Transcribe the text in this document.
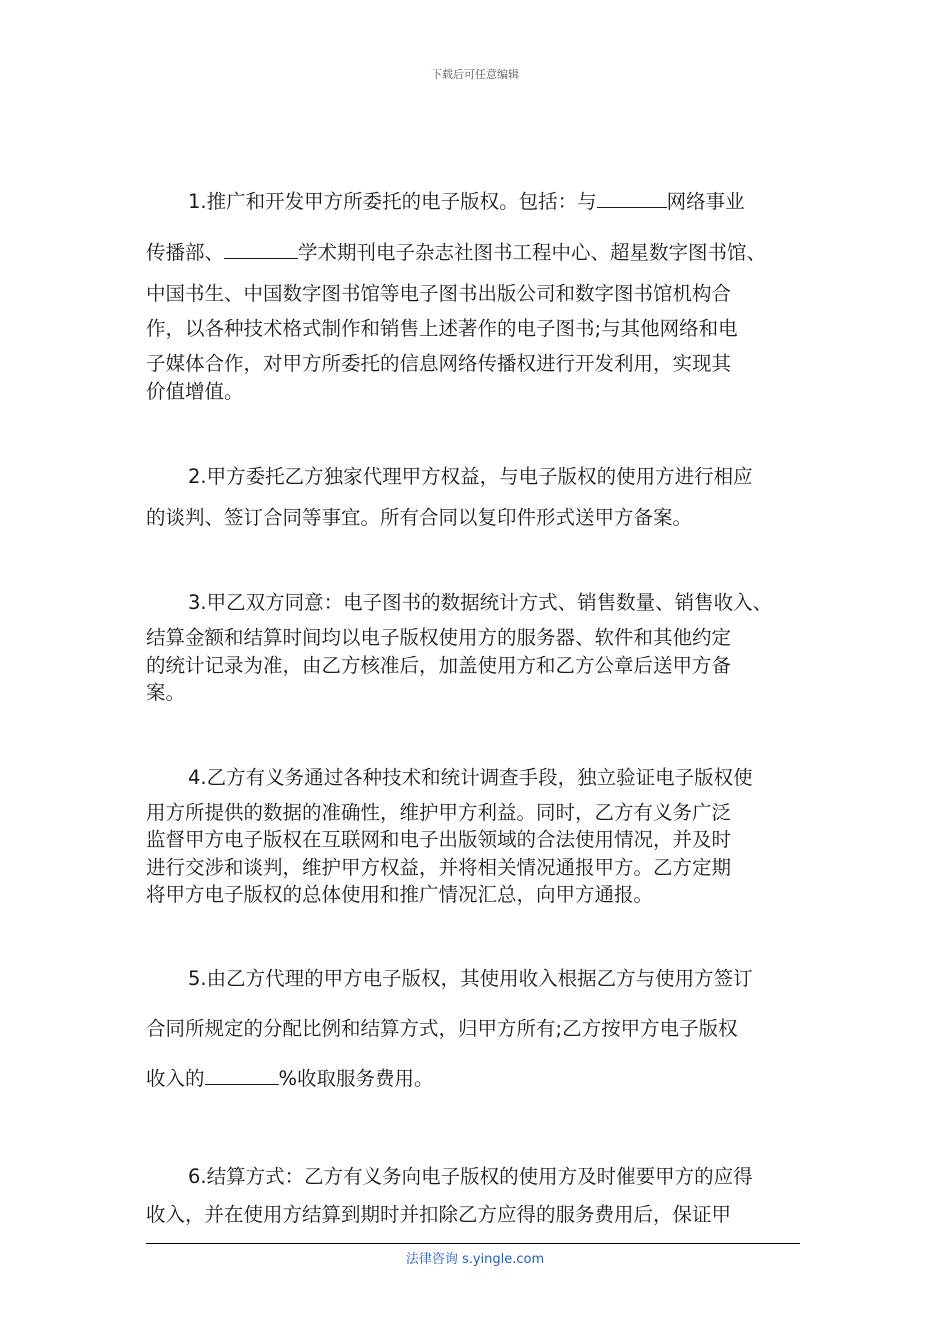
下载后可任意编辑
1.推广和开发甲方所委托的电子版权。包括：与	网络事业
传播部、	学术期刊电子杂志社图书工程中心、超星数字图书馆、
中国书生、中国数字图书馆等电子图书出版公司和数字图书馆机构合
作，以各种技术格式制作和销售上述著作的电子图书;与其他网络和电
子媒体合作，对甲方所委托的信息网络传播权进行开发利用，实现其
价值增值。
2.甲方委托乙方独家代理甲方权益，与电子版权的使用方进行相应
的谈判、签订合同等事宜。所有合同以复印件形式送甲方备案。
3.甲乙双方同意：电子图书的数据统计方式、销售数量、销售收入、
结算金额和结算时间均以电子版权使用方的服务器、软件和其他约定
的统计记录为准，由乙方核准后，加盖使用方和乙方公章后送甲方备
案。
4.乙方有义务通过各种技术和统计调查手段，独立验证电子版权使
用方所提供的数据的准确性，维护甲方利益。同时，乙方有义务广泛
监督甲方电子版权在互联网和电子出版领域的合法使用情况，并及时
进行交涉和谈判，维护甲方权益，并将相关情况通报甲方。乙方定期
将甲方电子版权的总体使用和推广情况汇总，向甲方通报。
5.由乙方代理的甲方电子版权，其使用收入根据乙方与使用方签订
合同所规定的分配比例和结算方式，归甲方所有;乙方按甲方电子版权
收入的	%收取服务费用。
6.结算方式：乙方有义务向电子版权的使用方及时催要甲方的应得
收入，并在使用方结算到期时并扣除乙方应得的服务费用后，保证甲
法律咨询 s.yingle.com
